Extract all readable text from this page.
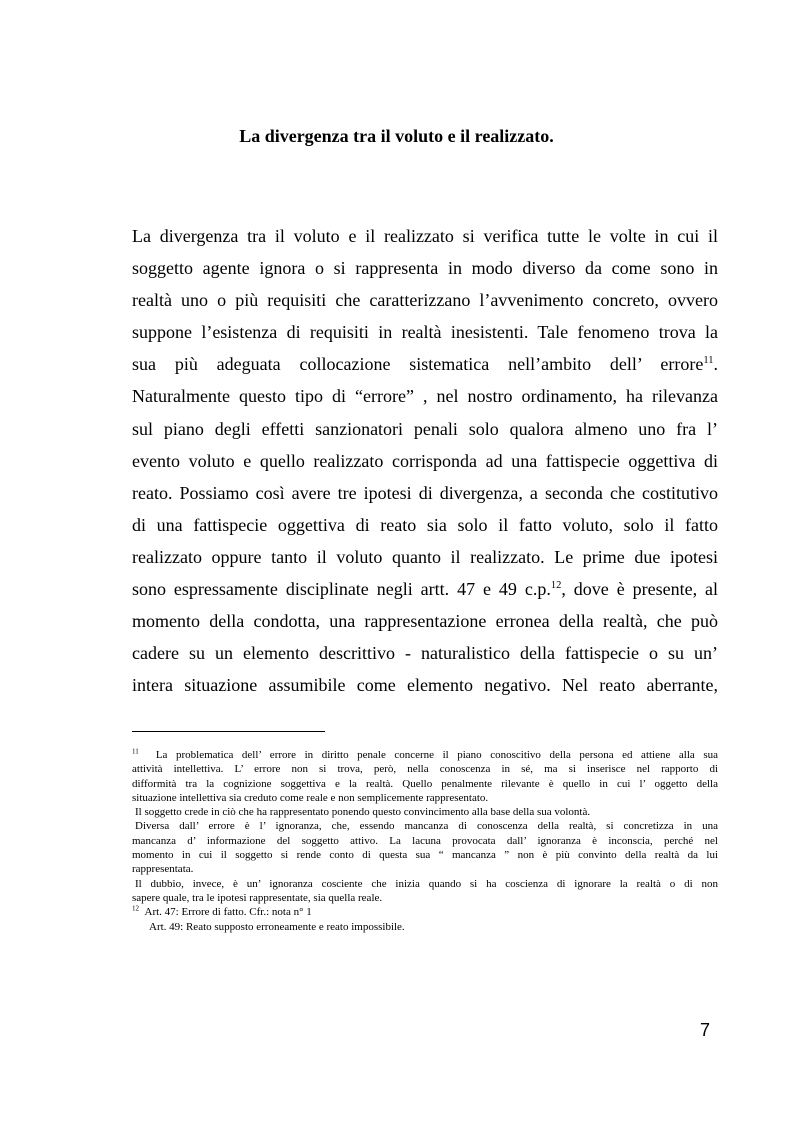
La divergenza tra il voluto e il realizzato.
La divergenza tra il voluto e il realizzato si verifica tutte le volte in cui il
soggetto agente ignora o si rappresenta in modo diverso da come sono in
realtà uno o più requisiti che caratterizzano l’avvenimento concreto, ovvero
suppone l’esistenza di requisiti in realtà inesistenti. Tale fenomeno trova la
sua più adeguata collocazione sistematica nell’ambito dell’ errore$^{11}$.
Naturalmente questo tipo di “errore” , nel nostro ordinamento, ha rilevanza
sul piano degli effetti sanzionatori penali solo qualora almeno uno fra l’
evento voluto e quello realizzato corrisponda ad una fattispecie oggettiva di
reato. Possiamo così avere tre ipotesi di divergenza, a seconda che costitutivo
di una fattispecie oggettiva di reato sia solo il fatto voluto, solo il fatto
realizzato oppure tanto il voluto quanto il realizzato. Le prime due ipotesi
sono espressamente disciplinate negli artt. 47 e 49 c.p.$^{12}$, dove è presente, al
momento della condotta, una rappresentazione erronea della realtà, che può
cadere su un elemento descrittivo - naturalistico della fattispecie o su un’
intera situazione assumibile come elemento negativo. Nel reato aberrante,
$^{11}$ La problematica dell’ errore in diritto penale concerne il piano conoscitivo della persona ed attiene alla sua
attività intellettiva. L’ errore non si trova, però, nella conoscenza in sé, ma si inserisce nel rapporto di
difformità tra la cognizione soggettiva e la realtà. Quello penalmente rilevante è quello in cui l’ oggetto della
situazione intellettiva sia creduto come reale e non semplicemente rappresentato.
Il soggetto crede in ciò che ha rappresentato ponendo questo convincimento alla base della sua volontà.
Diversa dall’ errore è l’ ignoranza, che, essendo mancanza di conoscenza della realtà, si concretizza in una
mancanza d’ informazione del soggetto attivo. La lacuna provocata dall’ ignoranza è inconscia, perché nel
momento in cui il soggetto si rende conto di questa sua “ mancanza ” non è più convinto della realtà da lui
rappresentata.
Il dubbio, invece, è un’ ignoranza cosciente che inizia quando si ha coscienza di ignorare la realtà o di non
sapere quale, tra le ipotesi rappresentate, sia quella reale.
$^{12}$ Art. 47: Errore di fatto. Cfr.: nota n° 1
Art. 49: Reato supposto erroneamente e reato impossibile.
7
